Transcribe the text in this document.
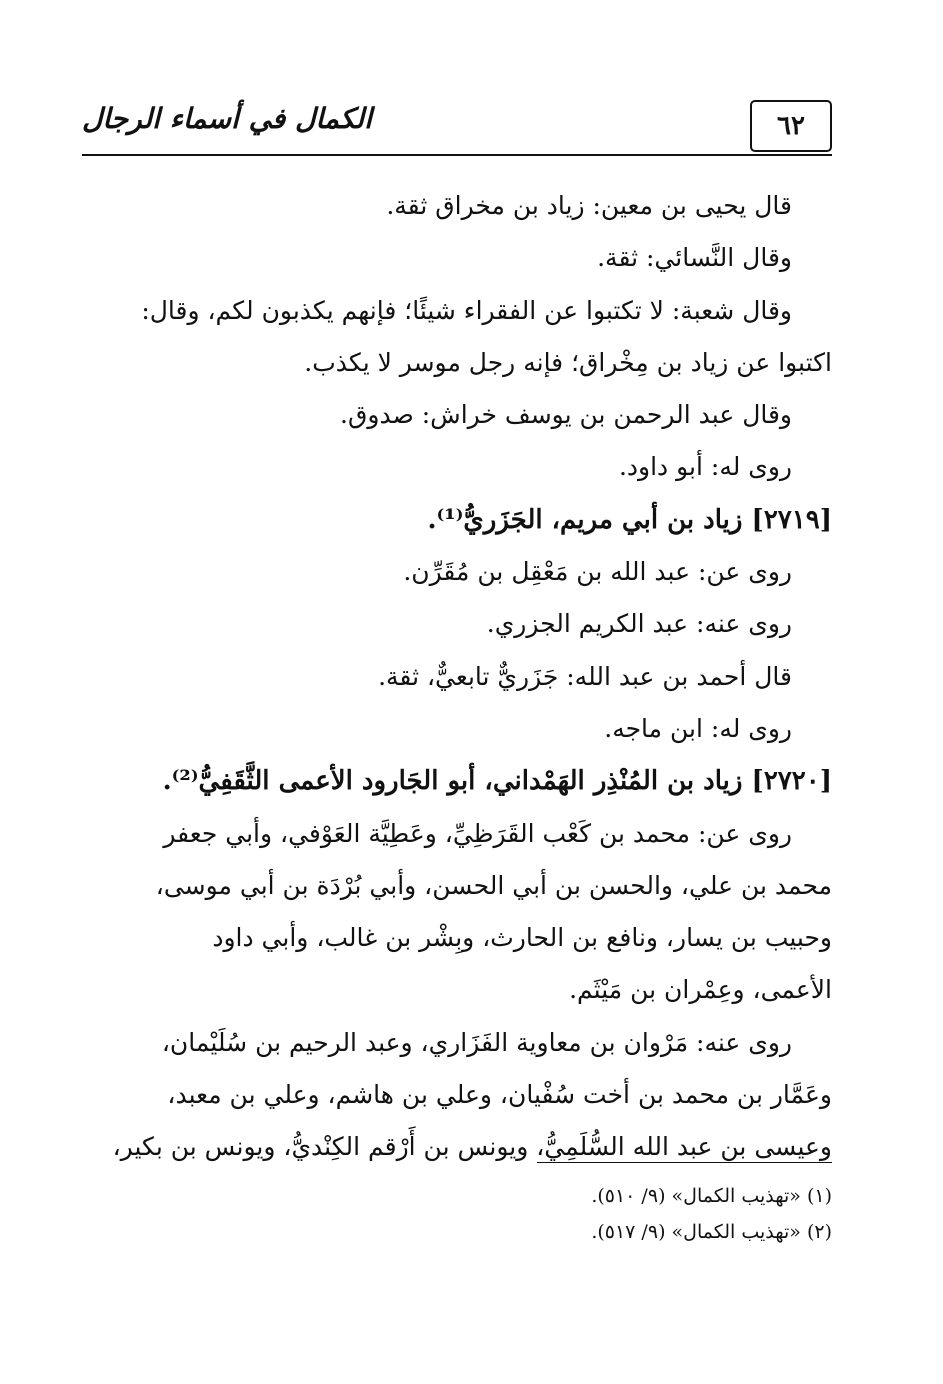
٦٢
الكمال في أسماء الرجال

قال يحيى بن معين: زياد بن مخراق ثقة.

وقال النَّسائي: ثقة.

وقال شعبة: لا تكتبوا عن الفقراء شيئًا؛ فإنهم يكذبون لكم، وقال:

اكتبوا عن زياد بن مِخْراق؛ فإنه رجل موسر لا يكذب.

وقال عبد الرحمن بن يوسف خراش: صدوق.

روى له: أبو داود.

[٢٧١٩] زياد بن أبي مريم، الجَزَريُّ⁽¹⁾.

روى عن: عبد الله بن مَعْقِل بن مُقَرِّن.

روى عنه: عبد الكريم الجزري.

قال أحمد بن عبد الله: جَزَريٌّ تابعيٌّ، ثقة.

روى له: ابن ماجه.

[٢٧٢٠] زياد بن المُنْذِر الهَمْداني، أبو الجَارود الأعمى الثَّقَفِيُّ⁽²⁾.

روى عن: محمد بن كَعْب القَرَظِيِّ، وعَطِيَّة العَوْفي، وأبي جعفر

محمد بن علي، والحسن بن أبي الحسن، وأبي بُرْدَة بن أبي موسى،

وحبيب بن يسار، ونافع بن الحارث، وبِشْر بن غالب، وأبي داود

الأعمى، وعِمْران بن مَيْثَم.

روى عنه: مَرْوان بن معاوية الفَزَاري، وعبد الرحيم بن سُلَيْمان،

وعَمَّار بن محمد بن أخت سُفْيان، وعلي بن هاشم، وعلي بن معبد،

وعيسى بن عبد الله السُّلَمِيُّ، ويونس بن أَرْقم الكِنْديُّ، ويونس بن بكير،

(١) «تهذيب الكمال» (٩/ ٥١٠).

(٢) «تهذيب الكمال» (٩/ ٥١٧).
